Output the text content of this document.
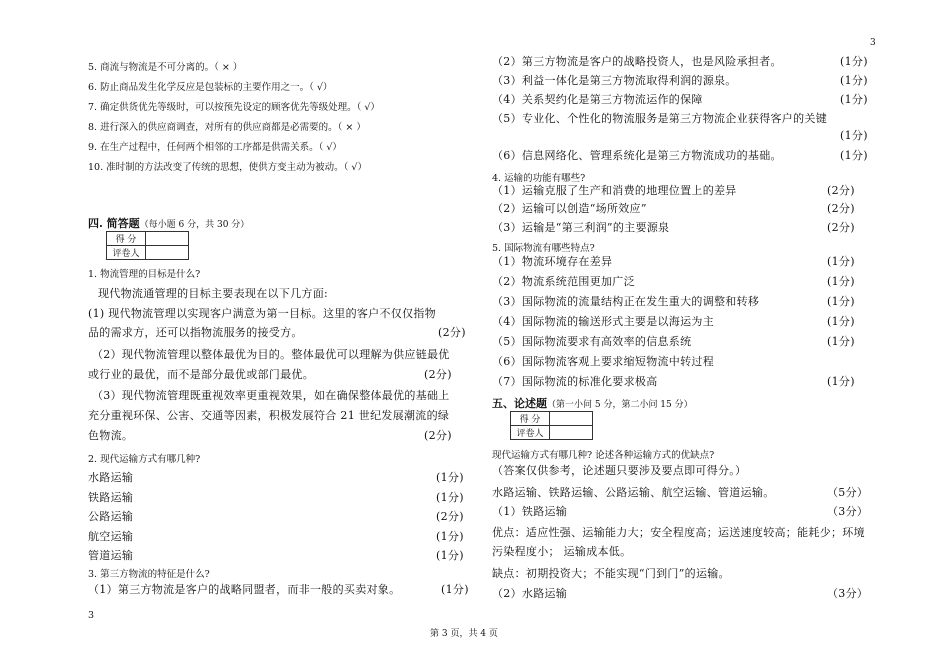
3
5. 商流与物流是不可分离的。（ × ）
6. 防止商品发生化学反应是包装标的主要作用之一。（ √）
7. 确定供货优先等级时，可以按预先设定的顾客优先等级处理。（ √）
8. 进行深入的供应商调查，对所有的供应商都是必需要的。（ × ）
9. 在生产过程中，任何两个相邻的工序都是供需关系。（ √）
10. 准时制的方法改变了传统的思想，使供方变主动为被动。（ √）
四. 简答题（每小题 6 分，共 30 分）
得 分	
评卷人	
1. 物流管理的目标是什么?
现代物流通管理的目标主要表现在以下几方面:
(1) 现代物流管理以实现客户满意为第一目标。这里的客户不仅仅指物
品的需求方，还可以指物流服务的接受方。	(2分)
（2）现代物流管理以整体最优为目的。整体最优可以理解为供应链最优
或行业的最优，而不是部分最优或部门最优。
（3）现代物流管理既重视效率更重视效果，如在确保整体最优的基础上
充分重视环保、公害、交通等因素，积极发展符合 21 世纪发展潮流的绿
色物流。	(2分)
2. 现代运输方式有哪几种?
水路运输	(1分)
铁路运输	(1分)
公路运输	(2分)
航空运输	(1分)
管道运输	(1分)
3. 第三方物流的特征是什么?
（1）第三方物流是客户的战略同盟者，而非一般的买卖对象。	(1分)
3
(2分)
（2）第三方物流是客户的战略投资人，也是风险承担者。	(1分)
（3）利益一体化是第三方物流取得利润的源泉。	(1分)
（4）关系契约化是第三方物流运作的保障	(1分)
（5）专业化、个性化的物流服务是第三方物流企业获得客户的关键
(1分)
（6）信息网络化、管理系统化是第三方物流成功的基础。	(1分)
4. 运输的功能有哪些?
（1）运输克服了生产和消费的地理位置上的差异	(2分)
（2）运输可以创造“场所效应”	(2分)
（3）运输是“第三利润”的主要源泉	(2分)
5. 国际物流有哪些特点?
（1）物流环境存在差异	(1分)
（2）物流系统范围更加广泛	(1分)
（3）国际物流的流量结构正在发生重大的调整和转移	(1分)
（4）国际物流的输送形式主要是以海运为主	(1分)
（5）国际物流要求有高效率的信息系统	(1分)
（6）国际物流客观上要求缩短物流中转过程
（7）国际物流的标准化要求极高	(1分)
五、论述题（第一小问 5 分，第二小问 15 分）
得 分	
评卷人	
现代运输方式有哪几种? 论述各种运输方式的优缺点?
（答案仅供参考，论述题只要涉及要点即可得分。）
水路运输、铁路运输、公路运输、航空运输、管道运输。	（5分）
（1）铁路运输	（3分）
优点：适应性强、运输能力大；安全程度高；运送速度较高；能耗少；环境
污染程度小； 运输成本低。
缺点：初期投资大；不能实现“门到门”的运输。
（2）水路运输	（3分）
第 3 页，共 4 页
